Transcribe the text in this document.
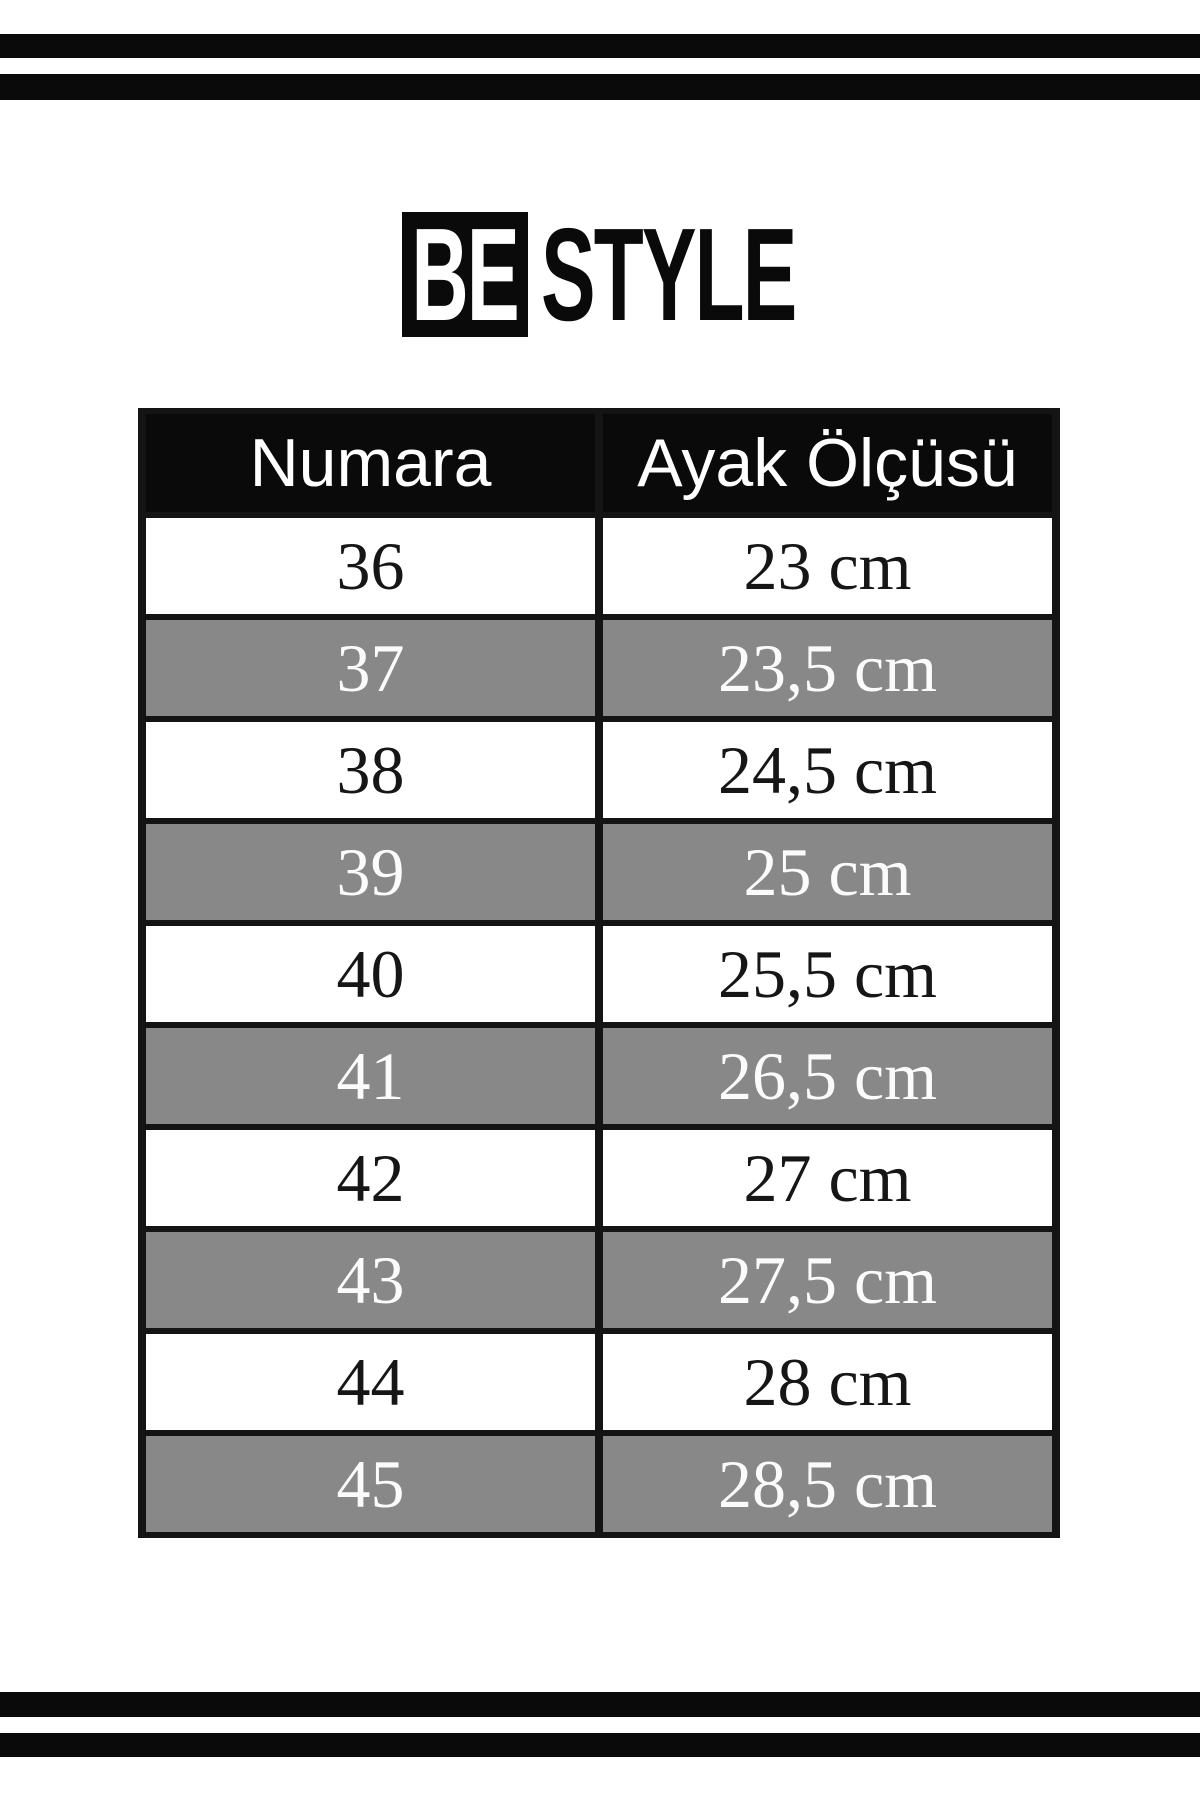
BE STYLE
Numara	Ayak Ölçüsü
36	23 cm
37	23,5 cm
38	24,5 cm
39	25 cm
40	25,5 cm
41	26,5 cm
42	27 cm
43	27,5 cm
44	28 cm
45	28,5 cm
